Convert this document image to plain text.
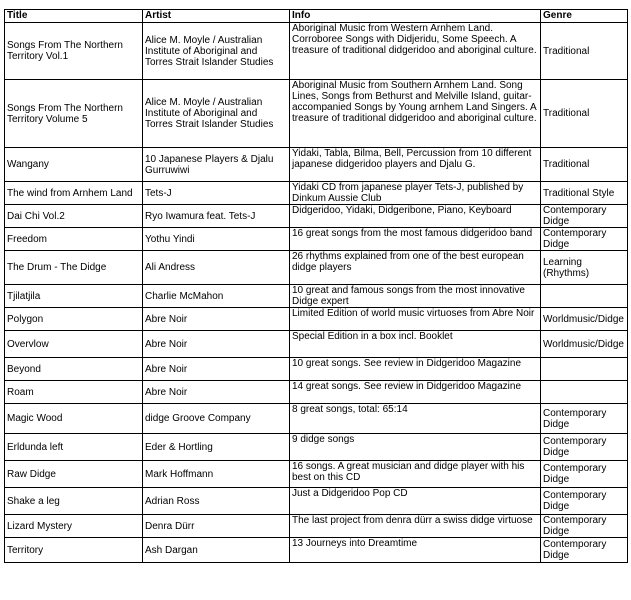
Title	Artist	Info	Genre
Songs From The Northern Territory Vol.1	Alice M. Moyle / Australian Institute of Aboriginal and Torres Strait Islander Studies	Aboriginal Music from Western Arnhem Land. Corroboree Songs with Didjeridu, Some Speech. A treasure of traditional didgeridoo and aboriginal culture.	Traditional
Songs From The Northern Territory Volume 5	Alice M. Moyle / Australian Institute of Aboriginal and Torres Strait Islander Studies	Aboriginal Music from Southern Arnhem Land. Song Lines, Songs from Bethurst and Melville Island, guitar-accompanied Songs by Young arnhem Land Singers. A treasure of traditional didgeridoo and aboriginal culture.	Traditional
Wangany	10 Japanese Players & Djalu Gurruwiwi	Yidaki, Tabla, Bilma, Bell, Percussion from 10 different japanese didgeridoo players and Djalu G.	Traditional
The wind from Arnhem Land	Tets-J	Yidaki CD from japanese player Tets-J, published by Dinkum Aussie Club	Traditional Style
Dai Chi Vol.2	Ryo Iwamura feat. Tets-J	Didgeridoo, Yidaki, Didgeribone, Piano, Keyboard	Contemporary Didge
Freedom	Yothu Yindi	16 great songs from the most famous didgeridoo band	Contemporary Didge
The Drum - The Didge	Ali Andress	26 rhythms explained from one of the best european didge players	Learning (Rhythms)
Tjilatjila	Charlie McMahon	10 great and famous songs from the most innovative Didge expert	
Polygon	Abre Noir	Limited Edition of world music virtuoses from Abre Noir	Worldmusic/Didge
Overvlow	Abre Noir	Special Edition in a box incl. Booklet	Worldmusic/Didge
Beyond	Abre Noir	10 great songs. See review in Didgeridoo Magazine	
Roam	Abre Noir	14 great songs. See review in Didgeridoo Magazine	
Magic Wood	didge Groove Company	8 great songs, total: 65:14	Contemporary Didge
Erldunda left	Eder & Hortling	9 didge songs	Contemporary Didge
Raw Didge	Mark Hoffmann	16 songs. A great musician and didge player with his best on this CD	Contemporary Didge
Shake a leg	Adrian Ross	Just a Didgeridoo Pop CD	Contemporary Didge
Lizard Mystery	Denra Dürr	The last project from denra dürr a swiss didge virtuose	Contemporary Didge
Territory	Ash Dargan	13 Journeys into Dreamtime	Contemporary Didge
